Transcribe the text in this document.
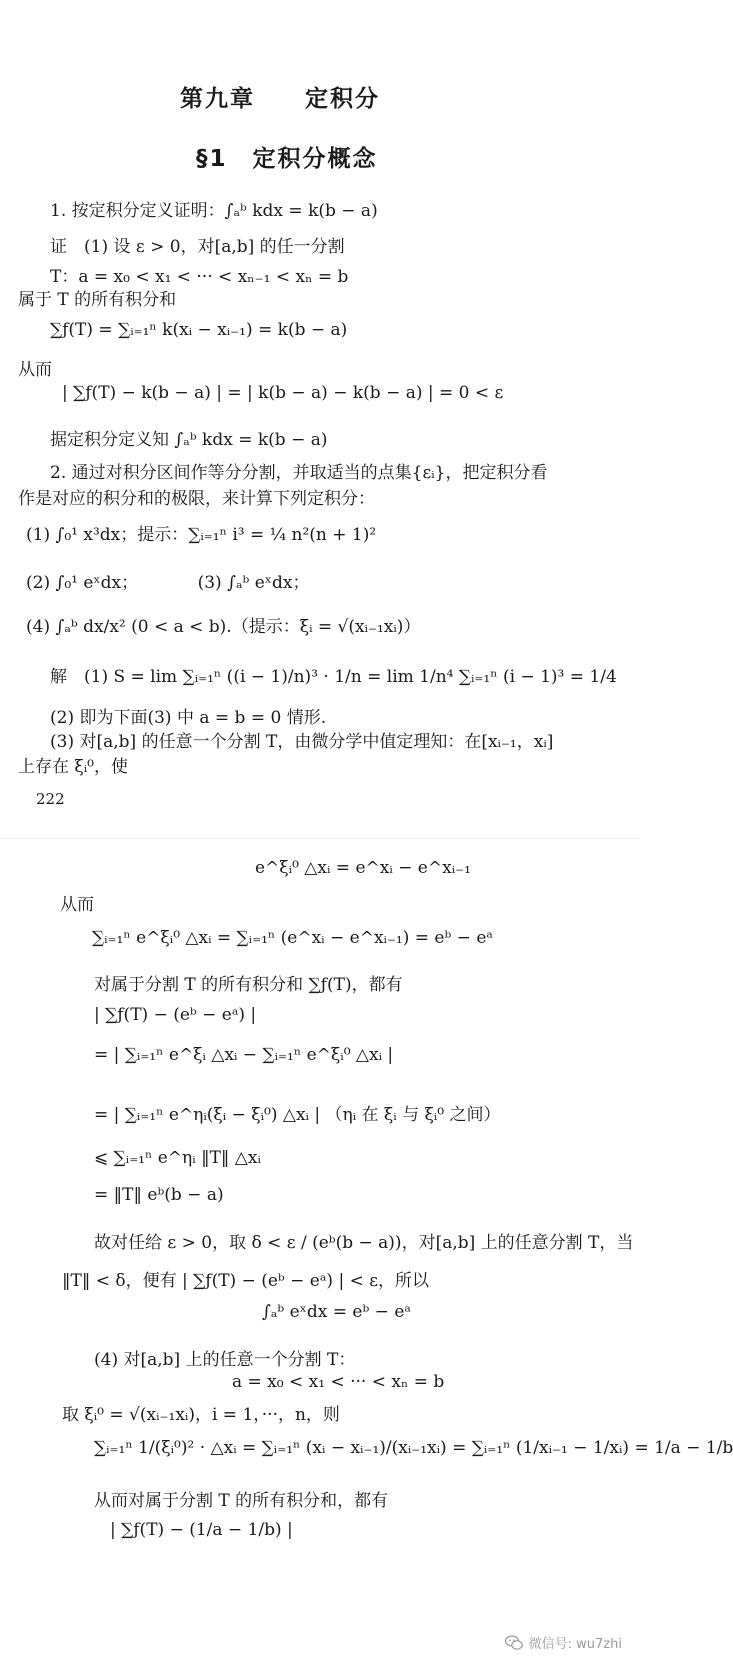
第九章　　定积分
§1　定积分概念
1. 按定积分定义证明：∫ₐᵇ kdx = k(b − a)
证　(1) 设 ε > 0，对[a,b] 的任一分割
T：a = x₀ < x₁ < ··· < xₙ₋₁ < xₙ = b
属于 T 的所有积分和
∑ƒ(T) = ∑ᵢ₌₁ⁿ k(xᵢ − xᵢ₋₁) = k(b − a)
从而
| ∑ƒ(T) − k(b − a) | = | k(b − a) − k(b − a) | = 0 < ε
据定积分定义知 ∫ₐᵇ kdx = k(b − a)
2. 通过对积分区间作等分分割，并取适当的点集{εᵢ}，把定积分看
作是对应的积分和的极限，来计算下列定积分：
(1) ∫₀¹ x³dx；提示：∑ᵢ₌₁ⁿ i³ = ¼ n²(n + 1)²
(2) ∫₀¹ eˣdx；　　　　(3) ∫ₐᵇ eˣdx；
(4) ∫ₐᵇ dx/x² (0 < a < b).（提示：ξᵢ = √(xᵢ₋₁xᵢ)）
解　(1) S = lim ∑ᵢ₌₁ⁿ ((i − 1)/n)³ · 1/n = lim 1/n⁴ ∑ᵢ₌₁ⁿ (i − 1)³ = 1/4
(2) 即为下面(3) 中 a = b = 0 情形.
(3) 对[a,b] 的任意一个分割 T，由微分学中值定理知：在[xᵢ₋₁，xᵢ]
上存在 ξᵢ⁰，使
222
e^ξᵢ⁰ △xᵢ = e^xᵢ − e^xᵢ₋₁
从而
∑ᵢ₌₁ⁿ e^ξᵢ⁰ △xᵢ = ∑ᵢ₌₁ⁿ (e^xᵢ − e^xᵢ₋₁) = eᵇ − eᵃ
对属于分割 T 的所有积分和 ∑ƒ(T)，都有
| ∑ƒ(T) − (eᵇ − eᵃ) |
= | ∑ᵢ₌₁ⁿ e^ξᵢ △xᵢ − ∑ᵢ₌₁ⁿ e^ξᵢ⁰ △xᵢ |
= | ∑ᵢ₌₁ⁿ e^ηᵢ(ξᵢ − ξᵢ⁰) △xᵢ | （ηᵢ 在 ξᵢ 与 ξᵢ⁰ 之间）
⩽ ∑ᵢ₌₁ⁿ e^ηᵢ ‖T‖ △xᵢ
= ‖T‖ eᵇ(b − a)
故对任给 ε > 0，取 δ < ε / (eᵇ(b − a))，对[a,b] 上的任意分割 T，当
‖T‖ < δ，便有 | ∑ƒ(T) − (eᵇ − eᵃ) | < ε，所以
∫ₐᵇ eˣdx = eᵇ − eᵃ
(4) 对[a,b] 上的任意一个分割 T：
a = x₀ < x₁ < ··· < xₙ = b
取 ξᵢ⁰ = √(xᵢ₋₁xᵢ)，i = 1，···，n，则
∑ᵢ₌₁ⁿ 1/(ξᵢ⁰)² · △xᵢ = ∑ᵢ₌₁ⁿ (xᵢ − xᵢ₋₁)/(xᵢ₋₁xᵢ) = ∑ᵢ₌₁ⁿ (1/xᵢ₋₁ − 1/xᵢ) = 1/a − 1/b
从而对属于分割 T 的所有积分和，都有
| ∑ƒ(T) − (1/a − 1/b) |
微信号: wu7zhi
